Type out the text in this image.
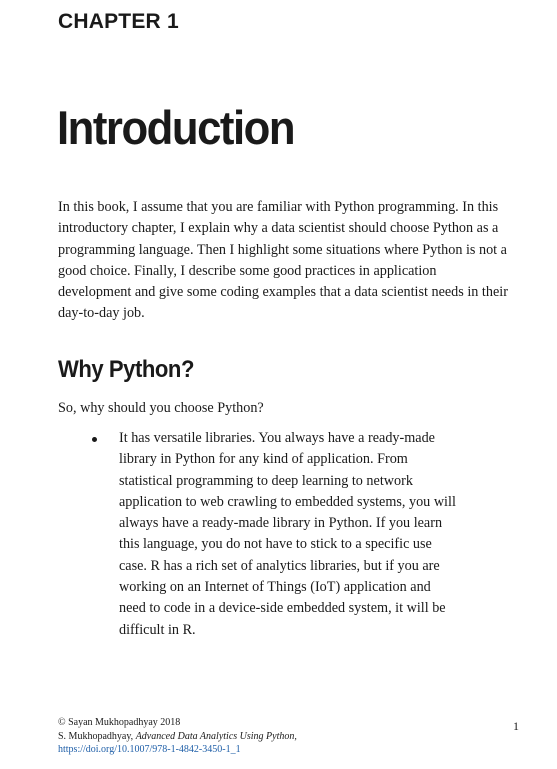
CHAPTER 1
Introduction

In this book, I assume that you are familiar with Python programming. In this introductory chapter, I explain why a data scientist should choose Python as a programming language. Then I highlight some situations where Python is not a good choice. Finally, I describe some good practices in application development and give some coding examples that a data scientist needs in their day-to-day job.

Why Python?

So, why should you choose Python?

It has versatile libraries. You always have a ready-made library in Python for any kind of application. From statistical programming to deep learning to network application to web crawling to embedded systems, you will always have a ready-made library in Python. If you learn this language, you do not have to stick to a specific use case. R has a rich set of analytics libraries, but if you are working on an Internet of Things (IoT) application and need to code in a device-side embedded system, it will be difficult in R.
© Sayan Mukhopadhyay 2018
S. Mukhopadhyay, Advanced Data Analytics Using Python,
https://doi.org/10.1007/978-1-4842-3450-1_1
1
